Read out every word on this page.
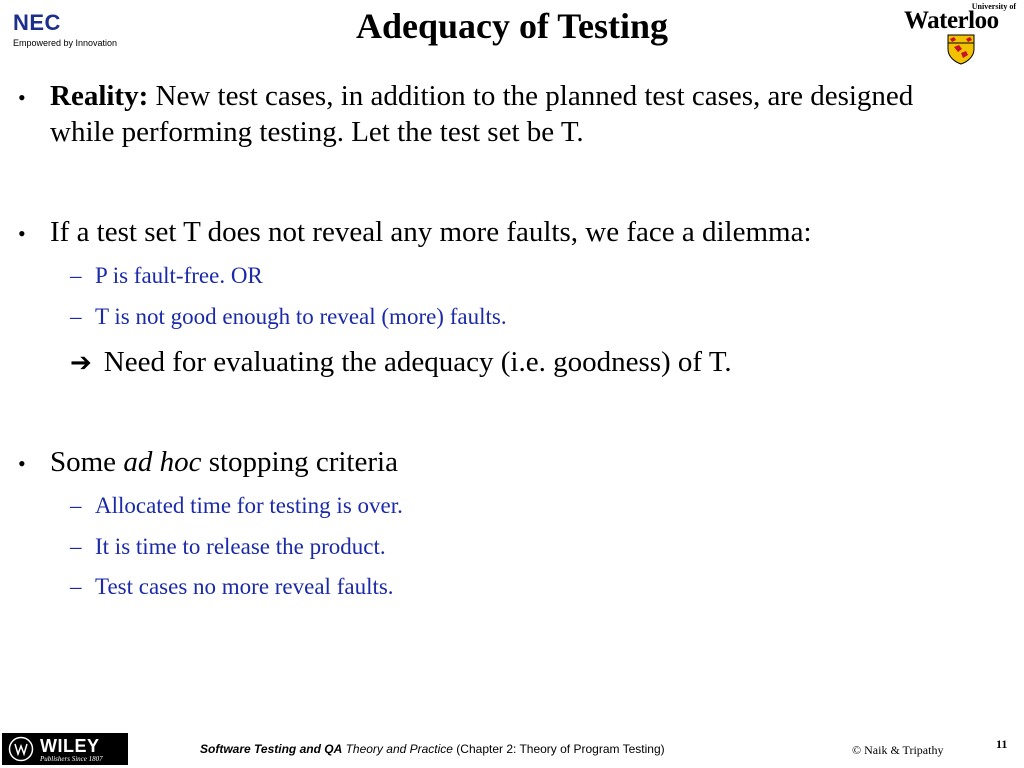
NEC
Empowered by Innovation	Adequacy of Testing	University of
Waterloo
• Reality: New test cases, in addition to the planned test cases, are designed while performing testing. Let the test set be T.
• If a test set T does not reveal any more faults, we face a dilemma:
– P is fault-free. OR
– T is not good enough to reveal (more) faults.
➔ Need for evaluating the adequacy (i.e. goodness) of T.
• Some ad hoc stopping criteria
– Allocated time for testing is over.
– It is time to release the product.
– Test cases no more reveal faults.
WILEY
Publishers Since 1807
Software Testing and QA Theory and Practice (Chapter 2: Theory of Program Testing)	© Naik & Tripathy	11
